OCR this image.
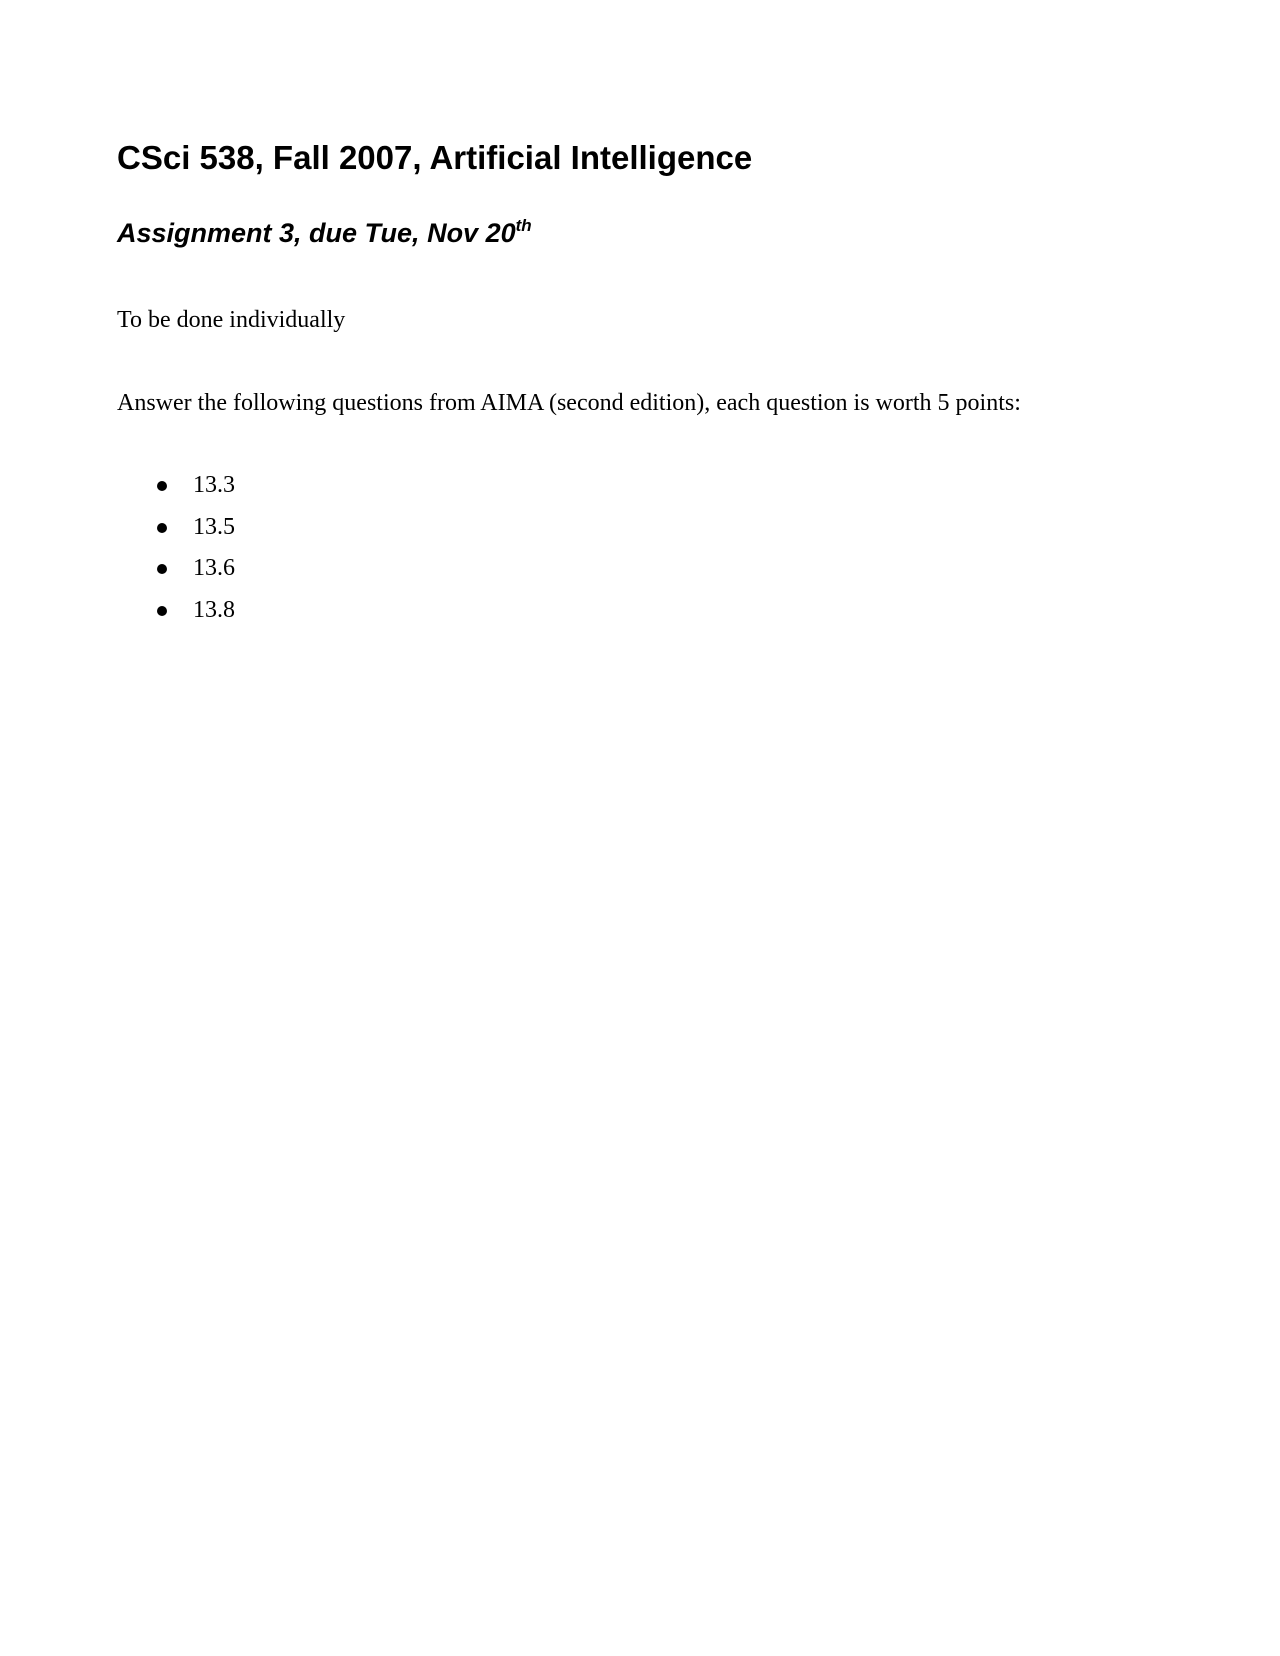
CSci 538, Fall 2007, Artificial Intelligence
Assignment 3, due Tue, Nov 20th

To be done individually

Answer the following questions from AIMA (second edition), each question is worth 5 points:

13.3
13.5
13.6
13.8
